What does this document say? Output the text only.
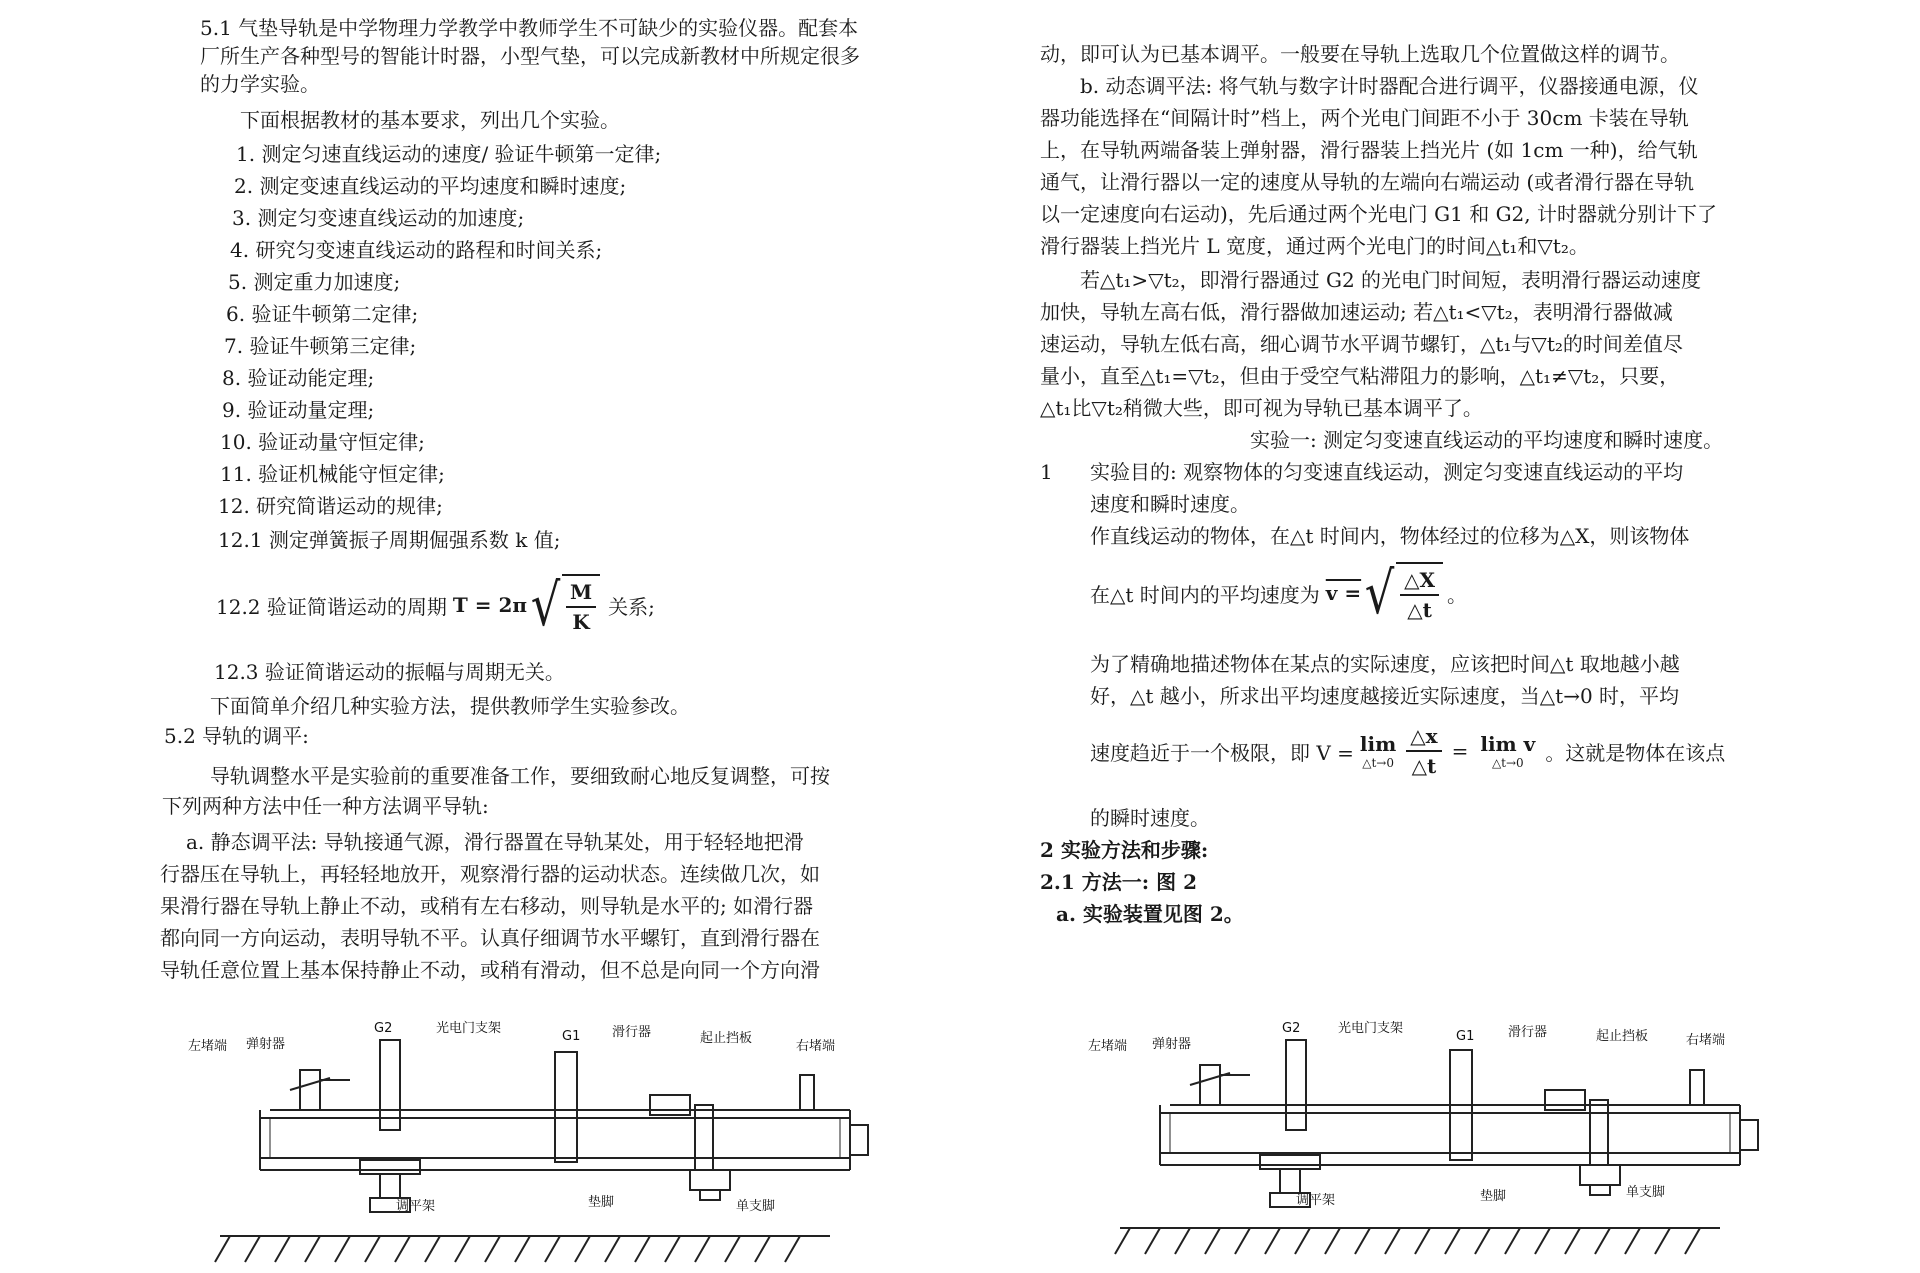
5.1 气垫导轨是中学物理力学教学中教师学生不可缺少的实验仪器。配套本
厂所生产各种型号的智能计时器，小型气垫，可以完成新教材中所规定很多
的力学实验。
下面根据教材的基本要求，列出几个实验。
1. 测定匀速直线运动的速度/ 验证牛顿第一定律;
2. 测定变速直线运动的平均速度和瞬时速度;
3. 测定匀变速直线运动的加速度;
4. 研究匀变速直线运动的路程和时间关系;
5. 测定重力加速度;
6. 验证牛顿第二定律;
7. 验证牛顿第三定律;
8. 验证动能定理;
9. 验证动量定理;
10. 验证动量守恒定律;
11. 验证机械能守恒定律;
12. 研究简谐运动的规律;
12.1 测定弹簧振子周期倔强系数 k 值;
12.2 验证简谐运动的周期 T = 2π √ $\frac{M}{K}$ 关系;
12.3 验证简谐运动的振幅与周期无关。
下面简单介绍几种实验方法，提供教师学生实验参改。
5.2 导轨的调平:
导轨调整水平是实验前的重要准备工作，要细致耐心地反复调整，可按
下列两种方法中任一种方法调平导轨:
a. 静态调平法: 导轨接通气源，滑行器置在导轨某处，用于轻轻地把滑
行器压在导轨上，再轻轻地放开，观察滑行器的运动状态。连续做几次，如
果滑行器在导轨上静止不动，或稍有左右移动，则导轨是水平的; 如滑行器
都向同一方向运动，表明导轨不平。认真仔细调节水平螺钉，直到滑行器在
导轨任意位置上基本保持静止不动，或稍有滑动，但不总是向同一个方向滑
左堵端 弹射器
G2	光电门支架
G1 滑行器	起止挡板
右堵端
调平架	垫脚	单支脚
动，即可认为已基本调平。一般要在导轨上选取几个位置做这样的调节。
b. 动态调平法: 将气轨与数字计时器配合进行调平，仪器接通电源，仪
器功能选择在“间隔计时”档上，两个光电门间距不小于 30cm 卡装在导轨
上，在导轨两端备装上弹射器，滑行器装上挡光片 (如 1cm 一种)，给气轨
通气，让滑行器以一定的速度从导轨的左端向右端运动 (或者滑行器在导轨
以一定速度向右运动)，先后通过两个光电门 G1 和 G2, 计时器就分别计下了
滑行器装上挡光片 L 宽度，通过两个光电门的时间△t₁和▽t₂。
若△t₁>▽t₂，即滑行器通过 G2 的光电门时间短，表明滑行器运动速度
加快，导轨左高右低，滑行器做加速运动; 若△t₁<▽t₂，表明滑行器做减
速运动，导轨左低右高，细心调节水平调节螺钉，△t₁与▽t₂的时间差值尽
量小，直至△t₁=▽t₂，但由于受空气粘滞阻力的影响，△t₁≠▽t₂，只要，
△t₁比▽t₂稍微大些，即可视为导轨已基本调平了。
实验一: 测定匀变速直线运动的平均速度和瞬时速度。
1 实验目的: 观察物体的匀变速直线运动，测定匀变速直线运动的平均
速度和瞬时速度。
作直线运动的物体，在△t 时间内，物体经过的位移为△X，则该物体
在△t 时间内的平均速度为 v = √ $\frac{\triangle X}{\triangle t}$ 。
为了精确地描述物体在某点的实际速度，应该把时间△t 取地越小越
好，△t 越小，所求出平均速度越接近实际速度，当△t→0 时，平均
速度趋近于一个极限，即 V = lim
△t→0 $\frac{\triangle x}{\triangle t} = \lim v$
△t→0 。这就是物体在该点
的瞬时速度。
2 实验方法和步骤:
2.1 方法一: 图 2
a. 实验装置见图 2。
左堵端 弹射器
G2	光电门支架
G1	滑行器	起止挡板	右堵端
调平架	垫脚	单支脚
